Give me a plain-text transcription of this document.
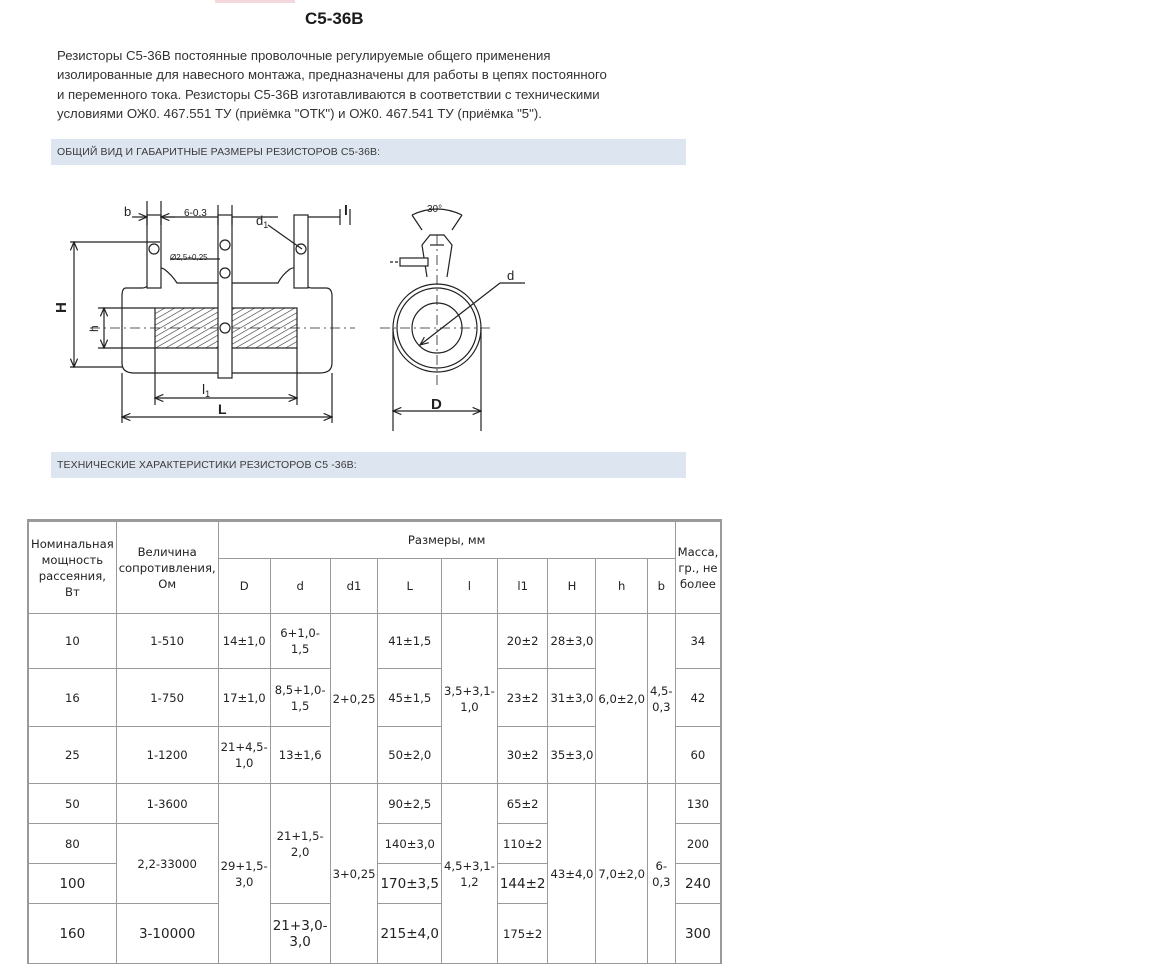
С5-36В
Резисторы С5-36В постоянные проволочные регулируемые общего применения
изолированные для навесного монтажа, предназначены для работы в цепях постоянного
и переменного тока. Резисторы С5-36В изготавливаются в соответствии с техническими
условиями ОЖ0. 467.551 ТУ (приёмка "ОТК") и ОЖ0. 467.541 ТУ (приёмка "5").
ОБЩИЙ ВИД И ГАБАРИТНЫЕ РАЗМЕРЫ РЕЗИСТОРОВ С5-36В:
b	6-0,3	$d_1$
l
Ø2,5+0,25
H
h
$l_1$
L
30°
d
D
ТЕХНИЧЕСКИЕ ХАРАКТЕРИСТИКИ РЕЗИСТОРОВ С5 -36В:
Номинальная мощность рассеяния, Вт	Величина сопротивления, Ом	Размеры, мм									Масса, гр., не более
		D	d	d1	L	l	l1	H	h	b	
10	1-510	14±1,0	6+1,0-1,5	2+0,25	41±1,5	3,5+3,1-1,0	20±2	28±3,0	6,0±2,0	4,5-0,3	34
16	1-750	17±1,0	8,5+1,0-1,5		45±1,5		23±2	31±3,0			42
25	1-1200	21+4,5-1,0	13±1,6		50±2,0		30±2	35±3,0			60
50	1-3600	29+1,5-3,0	21+1,5-2,0	3+0,25	90±2,5	4,5+3,1-1,2	65±2	43±4,0	7,0±2,0	6-0,3	130
80	2,2-33000				140±3,0		110±2				200
100					170±3,5		144±2				240
160	3-10000		21+3,0-3,0		215±4,0		175±2				300
